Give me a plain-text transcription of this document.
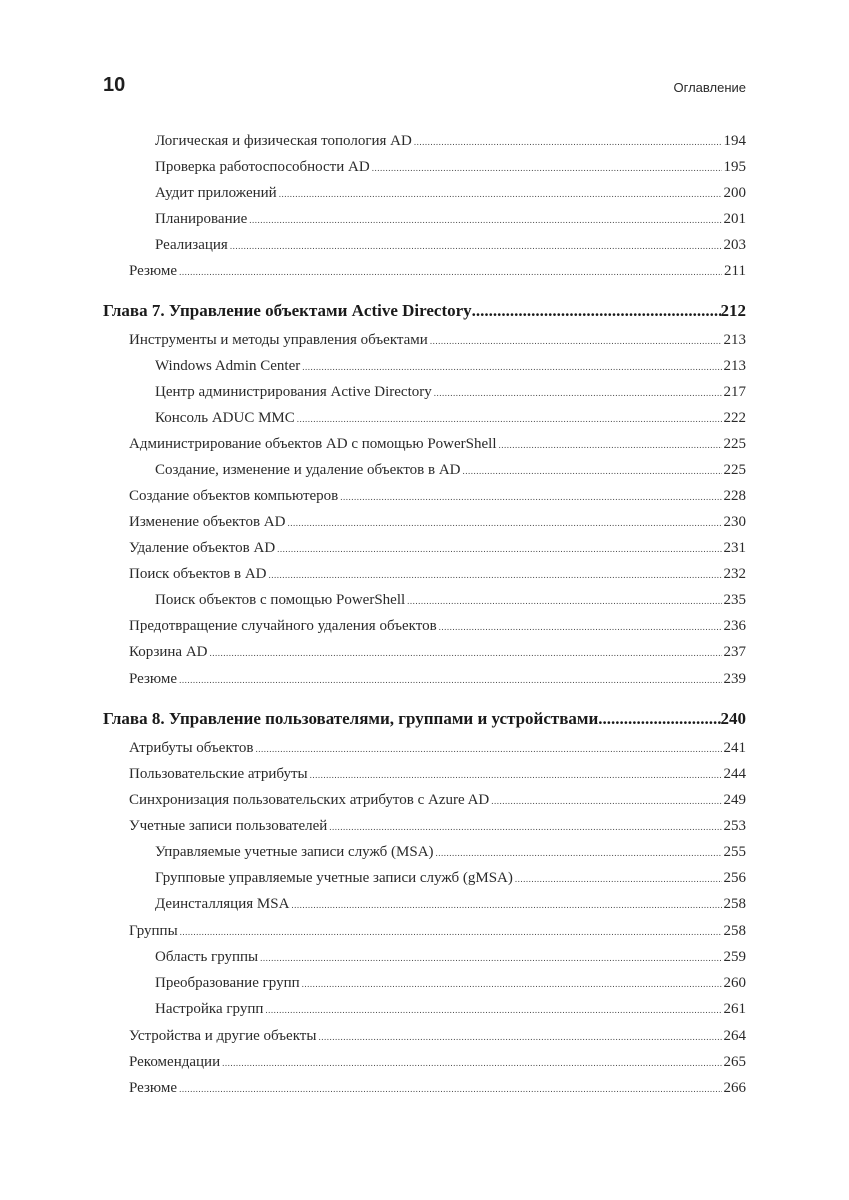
10	Оглавление
Логическая и физическая топология AD .....	194
Проверка работоспособности AD .....	195
Аудит приложений .....	200
Планирование .....	201
Реализация .....	203
Резюме .....	211
Глава 7. Управление объектами Active Directory .....	212
Инструменты и методы управления объектами .....	213
Windows Admin Center .....	213
Центр администрирования Active Directory .....	217
Консоль ADUC MMC .....	222
Администрирование объектов AD с помощью PowerShell .....	225
Создание, изменение и удаление объектов в AD .....	225
Создание объектов компьютеров .....	228
Изменение объектов AD .....	230
Удаление объектов AD .....	231
Поиск объектов в AD .....	232
Поиск объектов с помощью PowerShell .....	235
Предотвращение случайного удаления объектов .....	236
Корзина AD .....	237
Резюме .....	239
Глава 8. Управление пользователями, группами и устройствами .....	240
Атрибуты объектов .....	241
Пользовательские атрибуты .....	244
Синхронизация пользовательских атрибутов с Azure AD .....	249
Учетные записи пользователей .....	253
Управляемые учетные записи служб (MSA) .....	255
Групповые управляемые учетные записи служб (gMSA) .....	256
Деинсталляция MSA .....	258
Группы .....	258
Область группы .....	259
Преобразование групп .....	260
Настройка групп .....	261
Устройства и другие объекты .....	264
Рекомендации .....	265
Резюме .....	266
